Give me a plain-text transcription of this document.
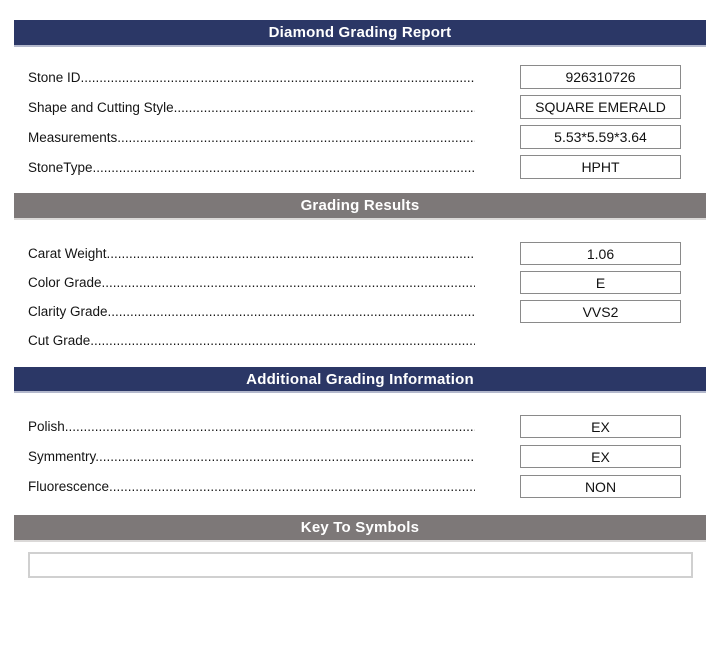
Diamond Grading Report
Stone ID .....	926310726
Shape and Cutting Style .....	SQUARE EMERALD
Measurements .....	5.53*5.59*3.64
StoneType .....	HPHT
Grading Results
Carat Weight .....	1.06
Color Grade .....	E
Clarity Grade .....	VVS2
Cut Grade .....
Additional Grading Information
Polish .....	EX
Symmentry .....	EX
Fluorescence .....	NON
Key To Symbols
